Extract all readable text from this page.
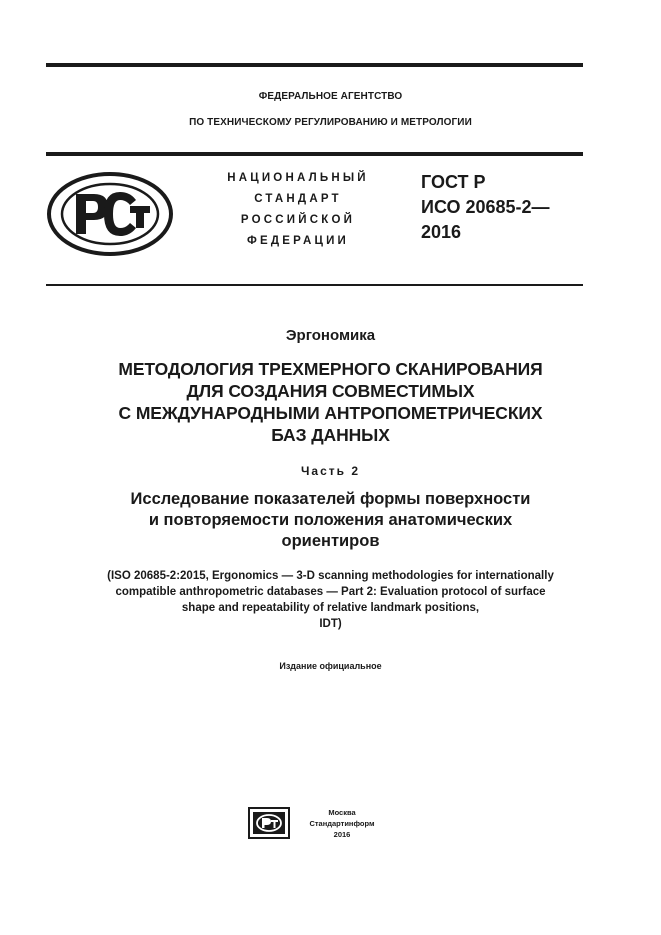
ФЕДЕРАЛЬНОЕ АГЕНТСТВО
ПО ТЕХНИЧЕСКОМУ РЕГУЛИРОВАНИЮ И МЕТРОЛОГИИ
НАЦИОНАЛЬНЫЙ
СТАНДАРТ
РОССИЙСКОЙ
ФЕДЕРАЦИИ
ГОСТ Р
ИСО 20685-2—
2016
Эргономика
МЕТОДОЛОГИЯ ТРЕХМЕРНОГО СКАНИРОВАНИЯ
ДЛЯ СОЗДАНИЯ СОВМЕСТИМЫХ
С МЕЖДУНАРОДНЫМИ АНТРОПОМЕТРИЧЕСКИХ
БАЗ ДАННЫХ
Часть 2
Исследование показателей формы поверхности
и повторяемости положения анатомических
ориентиров
(ISO 20685-2:2015, Ergonomics — 3-D scanning methodologies for internationally
compatible anthropometric databases — Part 2: Evaluation protocol of surface
shape and repeatability of relative landmark positions,
IDT)
Издание официальное
Москва
Стандартинформ
2016
